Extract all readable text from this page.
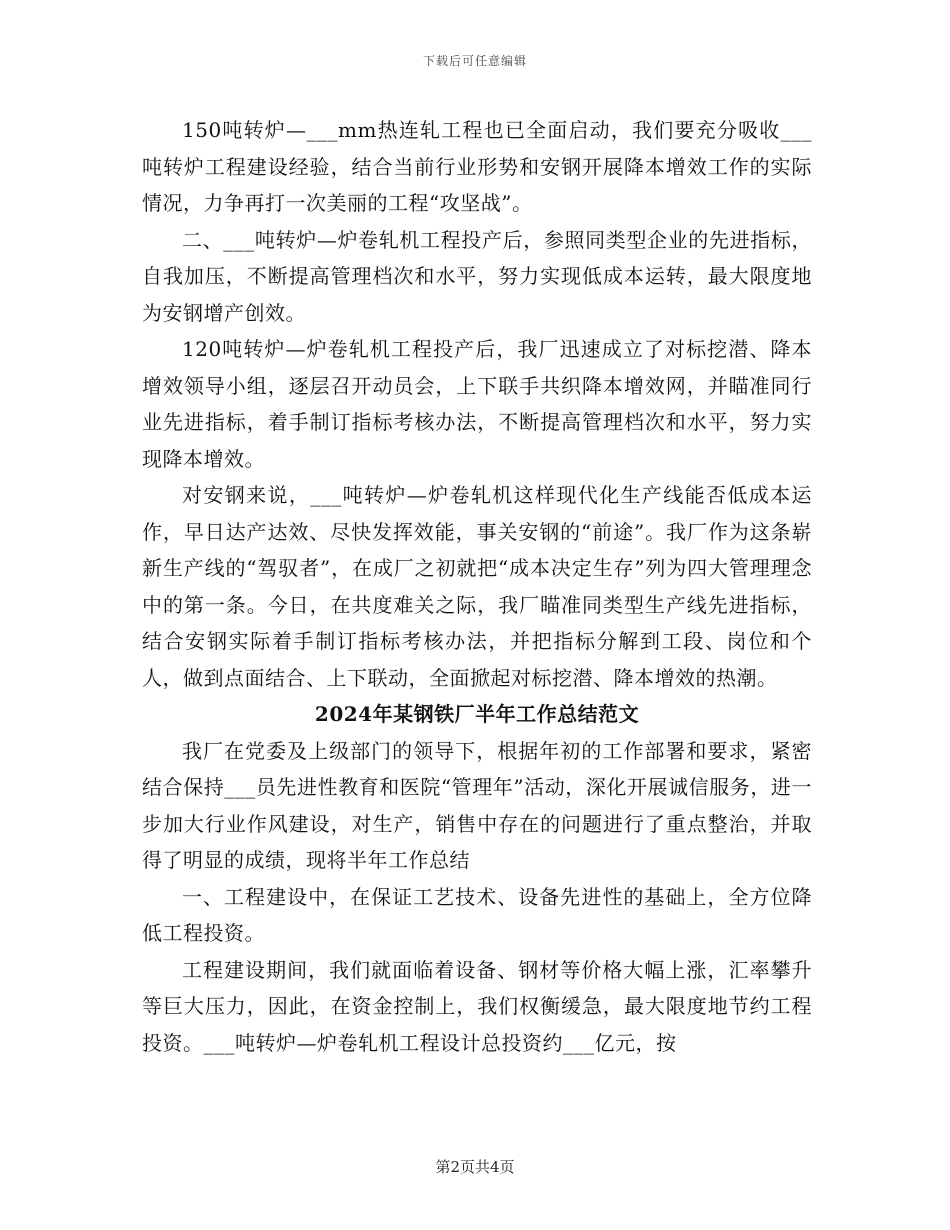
下载后可任意编辑

150吨转炉—___mm热连轧工程也已全面启动，我们要充分吸收___吨转炉工程建设经验，结合当前行业形势和安钢开展降本增效工作的实际情况，力争再打一次美丽的工程“攻坚战”。

二、___吨转炉—炉卷轧机工程投产后，参照同类型企业的先进指标，自我加压，不断提高管理档次和水平，努力实现低成本运转，最大限度地为安钢增产创效。

120吨转炉—炉卷轧机工程投产后，我厂迅速成立了对标挖潜、降本增效领导小组，逐层召开动员会，上下联手共织降本增效网，并瞄准同行业先进指标，着手制订指标考核办法，不断提高管理档次和水平，努力实现降本增效。

对安钢来说，___吨转炉—炉卷轧机这样现代化生产线能否低成本运作，早日达产达效、尽快发挥效能，事关安钢的“前途”。我厂作为这条崭新生产线的“驾驭者”，在成厂之初就把“成本决定生存”列为四大管理理念中的第一条。今日，在共度难关之际，我厂瞄准同类型生产线先进指标，结合安钢实际着手制订指标考核办法，并把指标分解到工段、岗位和个人，做到点面结合、上下联动，全面掀起对标挖潜、降本增效的热潮。

2024年某钢铁厂半年工作总结范文

我厂在党委及上级部门的领导下，根据年初的工作部署和要求，紧密结合保持___员先进性教育和医院“管理年”活动，深化开展诚信服务，进一步加大行业作风建设，对生产，销售中存在的问题进行了重点整治，并取得了明显的成绩，现将半年工作总结

一、工程建设中，在保证工艺技术、设备先进性的基础上，全方位降低工程投资。

工程建设期间，我们就面临着设备、钢材等价格大幅上涨，汇率攀升等巨大压力，因此，在资金控制上，我们权衡缓急，最大限度地节约工程投资。___吨转炉—炉卷轧机工程设计总投资约___亿元，按

第2页共4页
